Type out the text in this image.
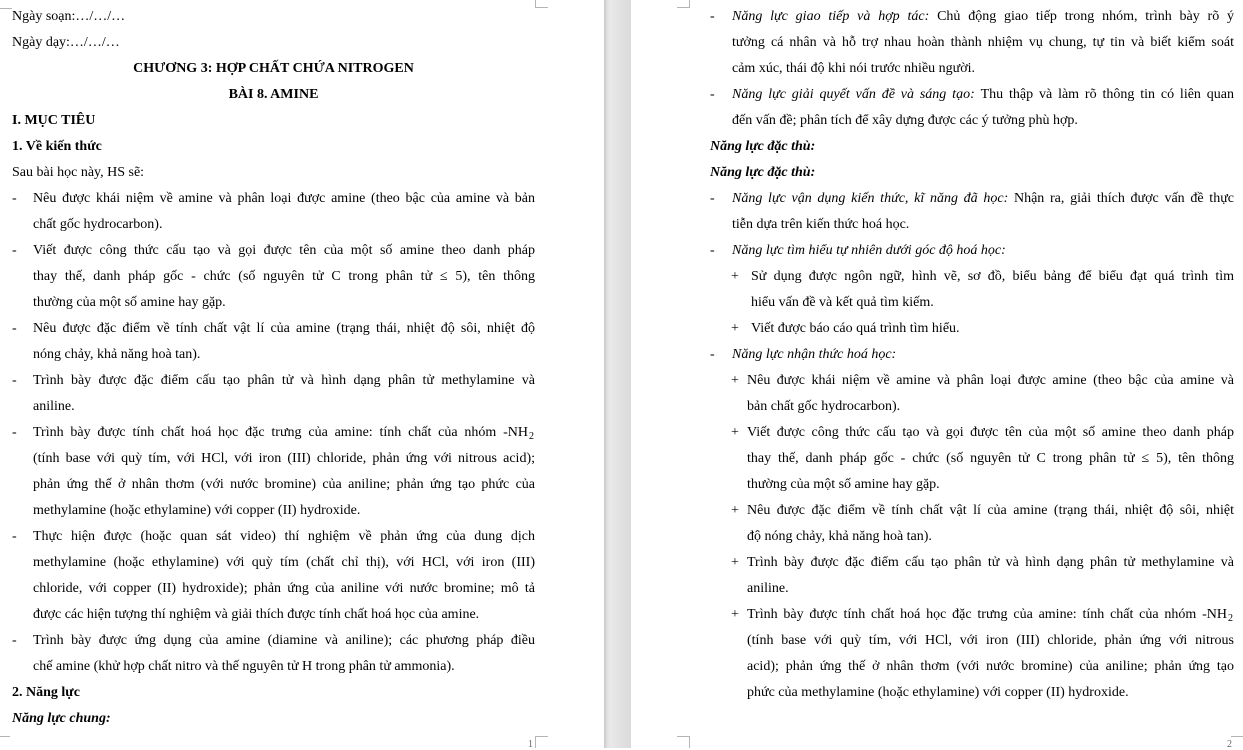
Ngày soạn:…/…/…
Ngày dạy:…/…/…
CHƯƠNG 3: HỢP CHẤT CHỨA NITROGEN
BÀI 8. AMINE
I. MỤC TIÊU
1. Về kiến thức
Sau bài học này, HS sẽ:
- Nêu được khái niệm về amine và phân loại được amine (theo bậc của amine và bản
chất gốc hydrocarbon).
- Viết được công thức cấu tạo và gọi được tên của một số amine theo danh pháp
thay thế, danh pháp gốc - chức (số nguyên tử C trong phân tử ≤ 5), tên thông
thường của một số amine hay gặp.
- Nêu được đặc điểm về tính chất vật lí của amine (trạng thái, nhiệt độ sôi, nhiệt độ
nóng chảy, khả năng hoà tan).
- Trình bày được đặc điểm cấu tạo phân tử và hình dạng phân tử methylamine và
aniline.
- Trình bày được tính chất hoá học đặc trưng của amine: tính chất của nhóm -NH 2
(tính base với quỳ tím, với HCl, với iron (III) chloride, phản ứng với nitrous acid);
phản ứng thế ở nhân thơm (với nước bromine) của aniline; phản ứng tạo phức của
methylamine (hoặc ethylamine) với copper (II) hydroxide.
- Thực hiện được (hoặc quan sát video) thí nghiệm về phản ứng của dung dịch
methylamine (hoặc ethylamine) với quỳ tím (chất chỉ thị), với HCl, với iron (III)
chloride, với copper (II) hydroxide); phản ứng của aniline với nước bromine; mô tả
được các hiện tượng thí nghiệm và giải thích được tính chất hoá học của amine.
- Trình bày được ứng dụng của amine (diamine và aniline); các phương pháp điều
chế amine (khử hợp chất nitro và thế nguyên tử H trong phân tử ammonia).
2. Năng lực
Năng lực chung:
1
- Năng lực giao tiếp và hợp tác: Chủ động giao tiếp trong nhóm, trình bày rõ ý
tưởng cá nhân và hỗ trợ nhau hoàn thành nhiệm vụ chung, tự tin và biết kiểm soát
cảm xúc, thái độ khi nói trước nhiều người.
- Năng lực giải quyết vấn đề và sáng tạo: Thu thập và làm rõ thông tin có liên quan
đến vấn đề; phân tích để xây dựng được các ý tưởng phù hợp.
Năng lực đặc thù:
Năng lực đặc thù:
- Năng lực vận dụng kiến thức, kĩ năng đã học: Nhận ra, giải thích được vấn đề thực
tiễn dựa trên kiến thức hoá học.
- Năng lực tìm hiểu tự nhiên dưới góc độ hoá học:
+ Sử dụng được ngôn ngữ, hình vẽ, sơ đồ, biểu bảng để biểu đạt quá trình tìm
hiểu vấn đề và kết quả tìm kiếm.
+ Viết được báo cáo quá trình tìm hiểu.
- Năng lực nhận thức hoá học:
+ Nêu được khái niệm về amine và phân loại được amine (theo bậc của amine và
bản chất gốc hydrocarbon).
+ Viết được công thức cấu tạo và gọi được tên của một số amine theo danh pháp
thay thế, danh pháp gốc - chức (số nguyên tử C trong phân tử ≤ 5), tên thông
thường của một số amine hay gặp.
+ Nêu được đặc điểm về tính chất vật lí của amine (trạng thái, nhiệt độ sôi, nhiệt
độ nóng chảy, khả năng hoà tan).
+ Trình bày được đặc điểm cấu tạo phân tử và hình dạng phân tử methylamine và
aniline.
+ Trình bày được tính chất hoá học đặc trưng của amine: tính chất của nhóm -NH 2
(tính base với quỳ tím, với HCl, với iron (III) chloride, phản ứng với nitrous
acid); phản ứng thế ở nhân thơm (với nước bromine) của aniline; phản ứng tạo
phức của methylamine (hoặc ethylamine) với copper (II) hydroxide.
2
